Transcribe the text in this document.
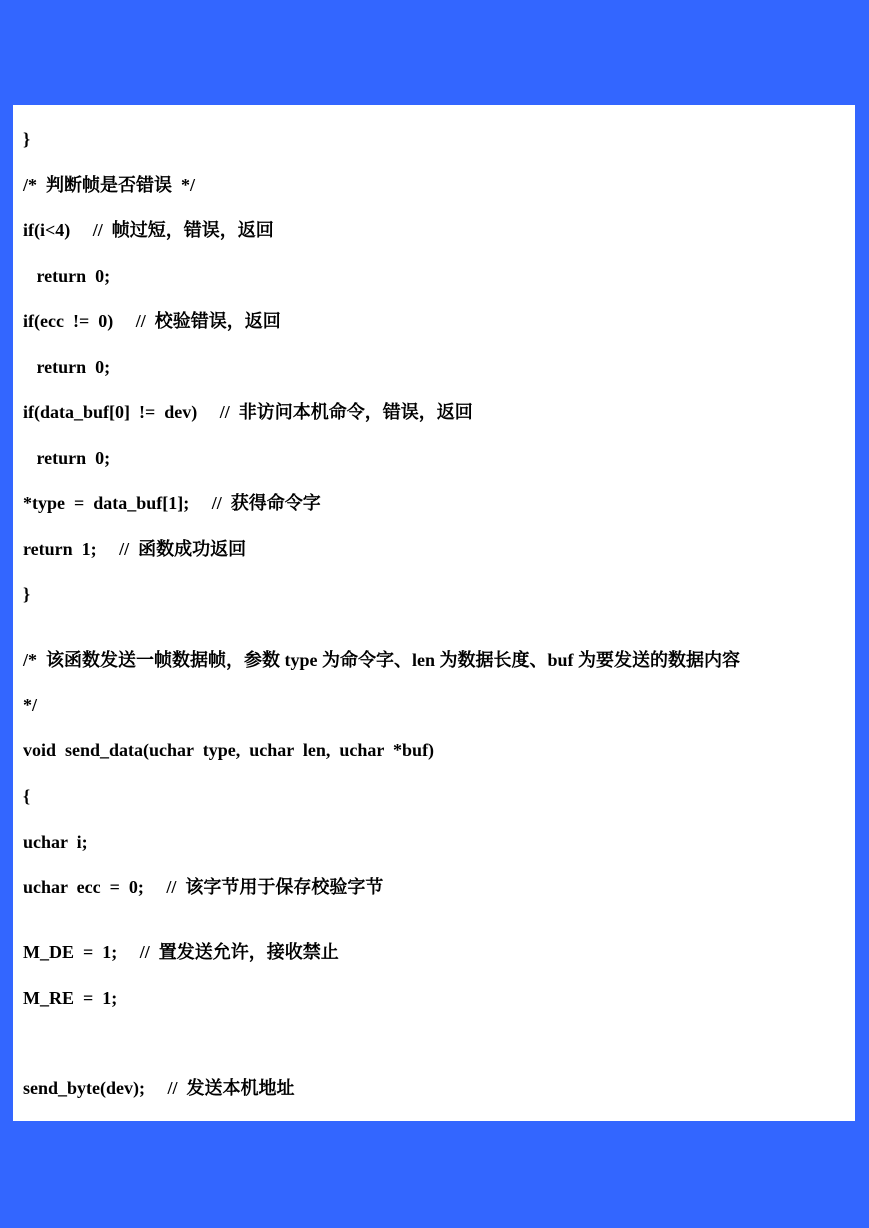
}
/*  判断帧是否错误  */
if(i<4)     //  帧过短，错误，返回
return  0;
if(ecc  !=  0)     //  校验错误，返回
return  0;
if(data_buf[0]  !=  dev)     //  非访问本机命令，错误，返回
return  0;
*type  =  data_buf[1];     //  获得命令字
return  1;     //  函数成功返回
}
/*  该函数发送一帧数据帧，参数 type 为命令字、len 为数据长度、buf 为要发送的数据内容
*/
void  send_data(uchar  type,  uchar  len,  uchar  *buf)
{
uchar  i;
uchar  ecc  =  0;     //  该字节用于保存校验字节
M_DE  =  1;     //  置发送允许，接收禁止
M_RE  =  1;
send_byte(dev);     //  发送本机地址
